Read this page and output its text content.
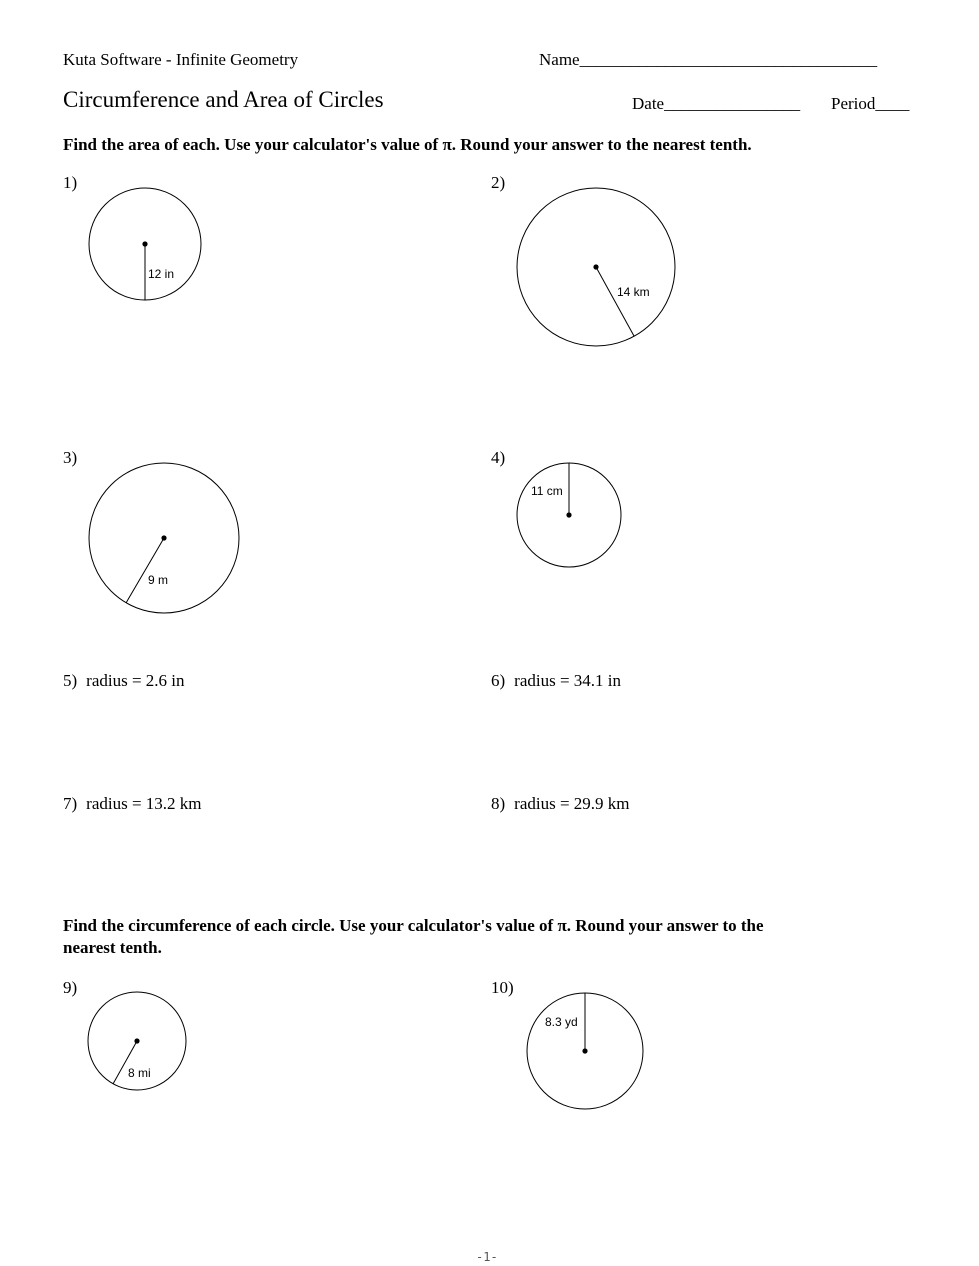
Kuta Software - Infinite Geometry	Name___________________________________
Circumference and Area of Circles	Date________________ Period____
Find the area of each. Use your calculator's value of π. Round your answer to the nearest tenth.
1)	2)
3)	4)
5) radius = 2.6 in	6) radius = 34.1 in
7) radius = 13.2 km	8) radius = 29.9 km
Find the circumference of each circle. Use your calculator's value of π. Round your answer to the
nearest tenth.
9)	10)
12 in
14 km
9 m
11 cm
8 mi
8.3 yd
-1-
